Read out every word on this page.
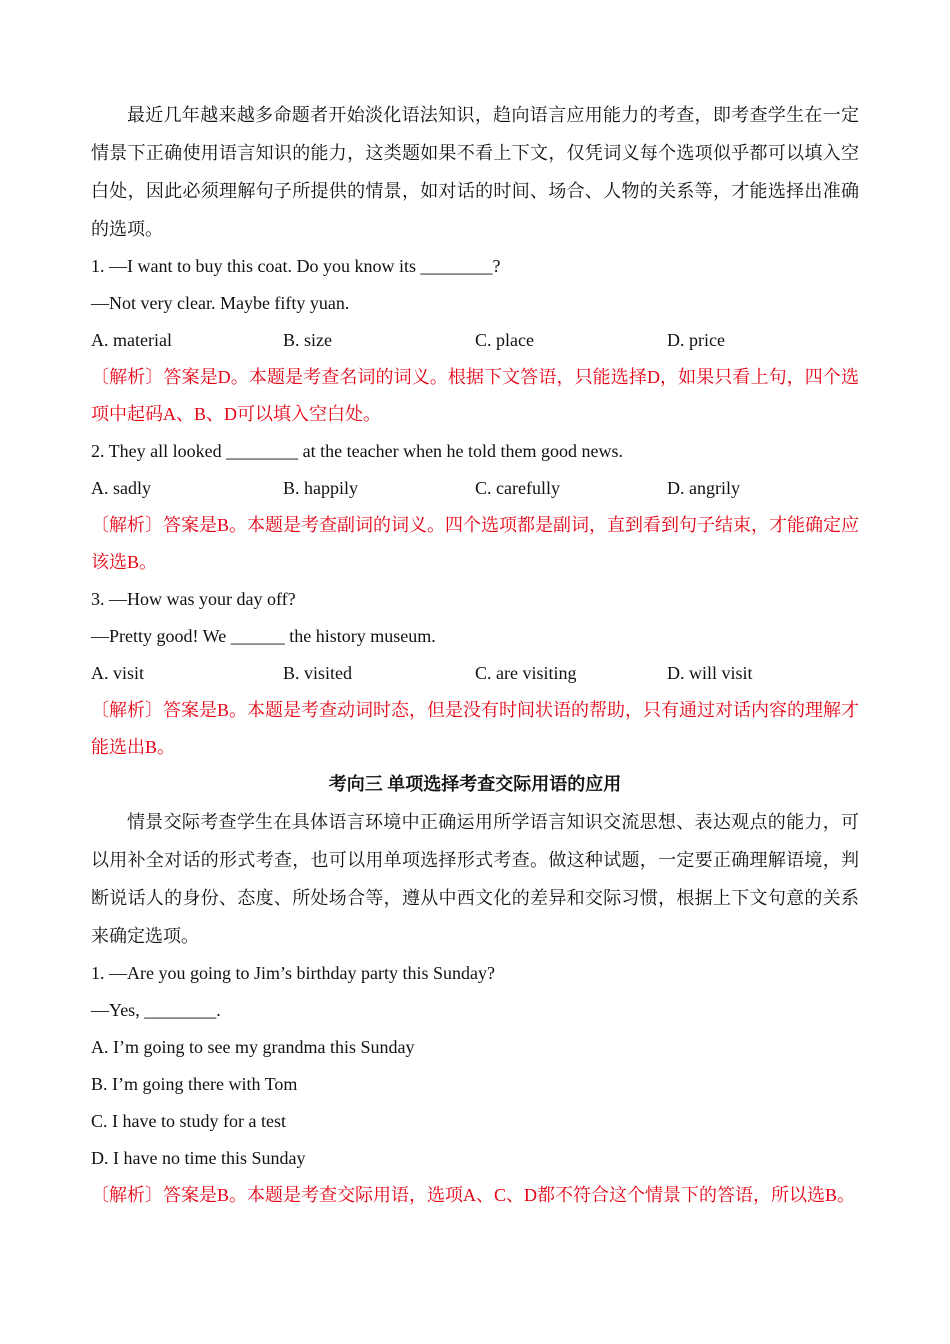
最近几年越来越多命题者开始淡化语法知识，趋向语言应用能力的考查，即考查学生在一定情景下正确使用语言知识的能力，这类题如果不看上下文，仅凭词义每个选项似乎都可以填入空白处，因此必须理解句子所提供的情景，如对话的时间、场合、人物的关系等，才能选择出准确的选项。

1. —I want to buy this coat. Do you know its ________?

—Not very clear. Maybe fifty yuan.

A. material	B. size	C. place	D. price

〔解析〕答案是D。本题是考查名词的词义。根据下文答语，只能选择D，如果只看上句，四个选项中起码A、B、D可以填入空白处。

2. They all looked ________ at the teacher when he told them good news.

A. sadly	B. happily	C. carefully	D. angrily

〔解析〕答案是B。本题是考查副词的词义。四个选项都是副词，直到看到句子结束，才能确定应该选B。

3. —How was your day off?

—Pretty good! We ______ the history museum.

A. visit	B. visited	C. are visiting	D. will visit

〔解析〕答案是B。本题是考查动词时态，但是没有时间状语的帮助，只有通过对话内容的理解才能选出B。

考向三 单项选择考查交际用语的应用

情景交际考查学生在具体语言环境中正确运用所学语言知识交流思想、表达观点的能力，可以用补全对话的形式考查，也可以用单项选择形式考查。做这种试题，一定要正确理解语境，判断说话人的身份、态度、所处场合等，遵从中西文化的差异和交际习惯，根据上下文句意的关系来确定选项。

1. —Are you going to Jim’s birthday party this Sunday?

—Yes, ________.

A. I’m going to see my grandma this Sunday

B. I’m going there with Tom

C. I have to study for a test

D. I have no time this Sunday

〔解析〕答案是B。本题是考查交际用语，选项A、C、D都不符合这个情景下的答语，所以选B。
